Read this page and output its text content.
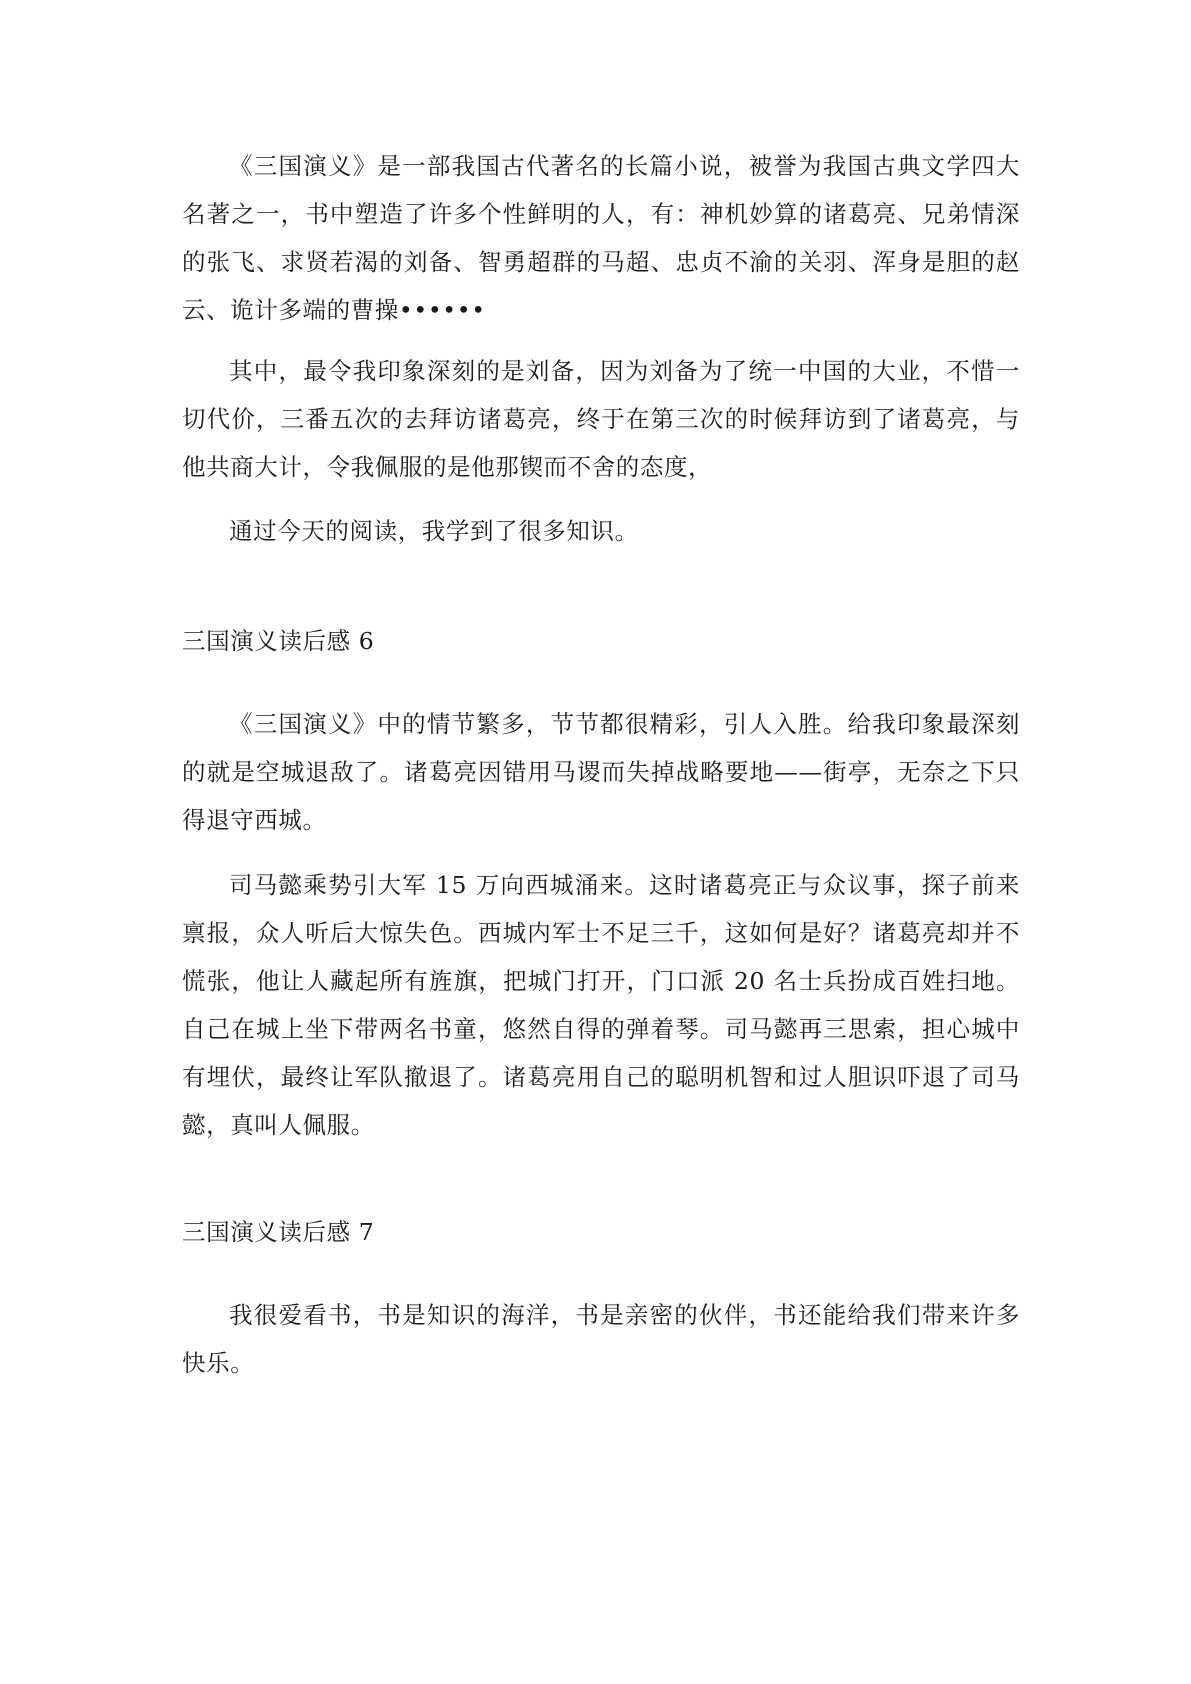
《三国演义》是一部我国古代著名的长篇小说，被誉为我国古典文学四大名著之一，书中塑造了许多个性鲜明的人，有：神机妙算的诸葛亮、兄弟情深的张飞、求贤若渴的刘备、智勇超群的马超、忠贞不渝的关羽、浑身是胆的赵云、诡计多端的曹操••••••

其中，最令我印象深刻的是刘备，因为刘备为了统一中国的大业，不惜一切代价，三番五次的去拜访诸葛亮，终于在第三次的时候拜访到了诸葛亮，与他共商大计，令我佩服的是他那锲而不舍的态度，

通过今天的阅读，我学到了很多知识。

三国演义读后感 6

《三国演义》中的情节繁多，节节都很精彩，引人入胜。给我印象最深刻的就是空城退敌了。诸葛亮因错用马谡而失掉战略要地——街亭，无奈之下只得退守西城。

司马懿乘势引大军 15 万向西城涌来。这时诸葛亮正与众议事，探子前来禀报，众人听后大惊失色。西城内军士不足三千，这如何是好？诸葛亮却并不慌张，他让人藏起所有旌旗，把城门打开，门口派 20 名士兵扮成百姓扫地。自己在城上坐下带两名书童，悠然自得的弹着琴。司马懿再三思索，担心城中有埋伏，最终让军队撤退了。诸葛亮用自己的聪明机智和过人胆识吓退了司马懿，真叫人佩服。

三国演义读后感 7

我很爱看书，书是知识的海洋，书是亲密的伙伴，书还能给我们带来许多快乐。
